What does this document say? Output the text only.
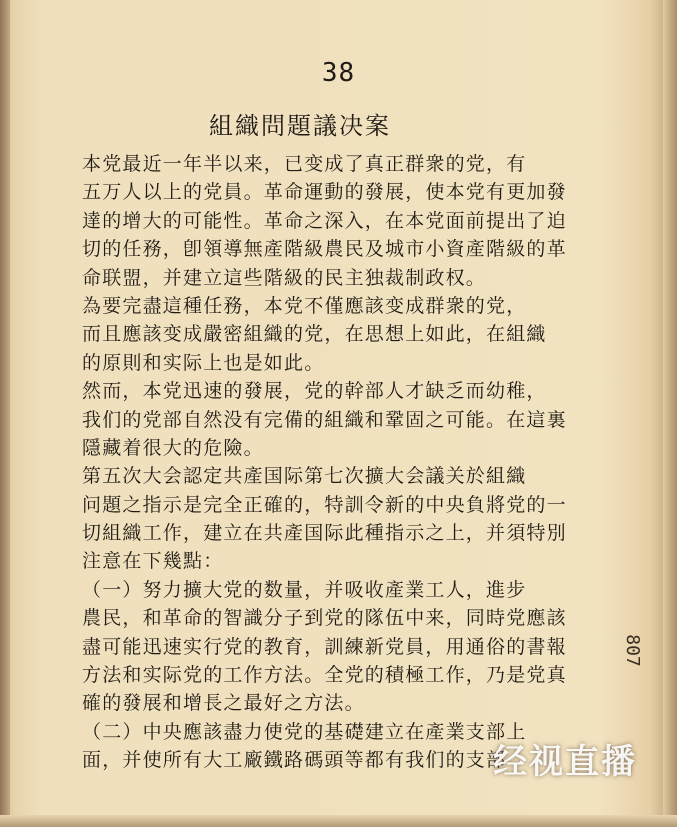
38
組織問題議决案
本党最近一年半以来，已变成了真正群衆的党，有
五万人以上的党員。革命運動的發展，使本党有更加發
達的增大的可能性。革命之深入，在本党面前提出了迫
切的任務，卽領導無產階級農民及城市小資產階級的革
命联盟，并建立這些階級的民主独裁制政权。
為要完盡這種任務，本党不僅應該变成群衆的党，
而且應該变成嚴密組織的党，在思想上如此，在組織
的原則和实际上也是如此。
然而，本党迅速的發展，党的幹部人才缺乏而幼稚，
我们的党部自然没有完備的組織和鞏固之可能。在這裏
隱藏着很大的危險。
第五次大会認定共產国际第七次擴大会議关於組織
问題之指示是完全正確的，特訓令新的中央負將党的一
切組織工作，建立在共產国际此種指示之上，并須特別
注意在下幾點：
（一）努力擴大党的数量，并吸收產業工人，進步
農民，和革命的智識分子到党的隊伍中来，同時党應該
盡可能迅速实行党的教育，訓練新党員，用通俗的書報
方法和实际党的工作方法。全党的積極工作，乃是党真
確的發展和增長之最好之方法。
（二）中央應該盡力使党的基礎建立在產業支部上
面，并使所有大工廠鐵路碼頭等都有我们的支部
807
经视直播
